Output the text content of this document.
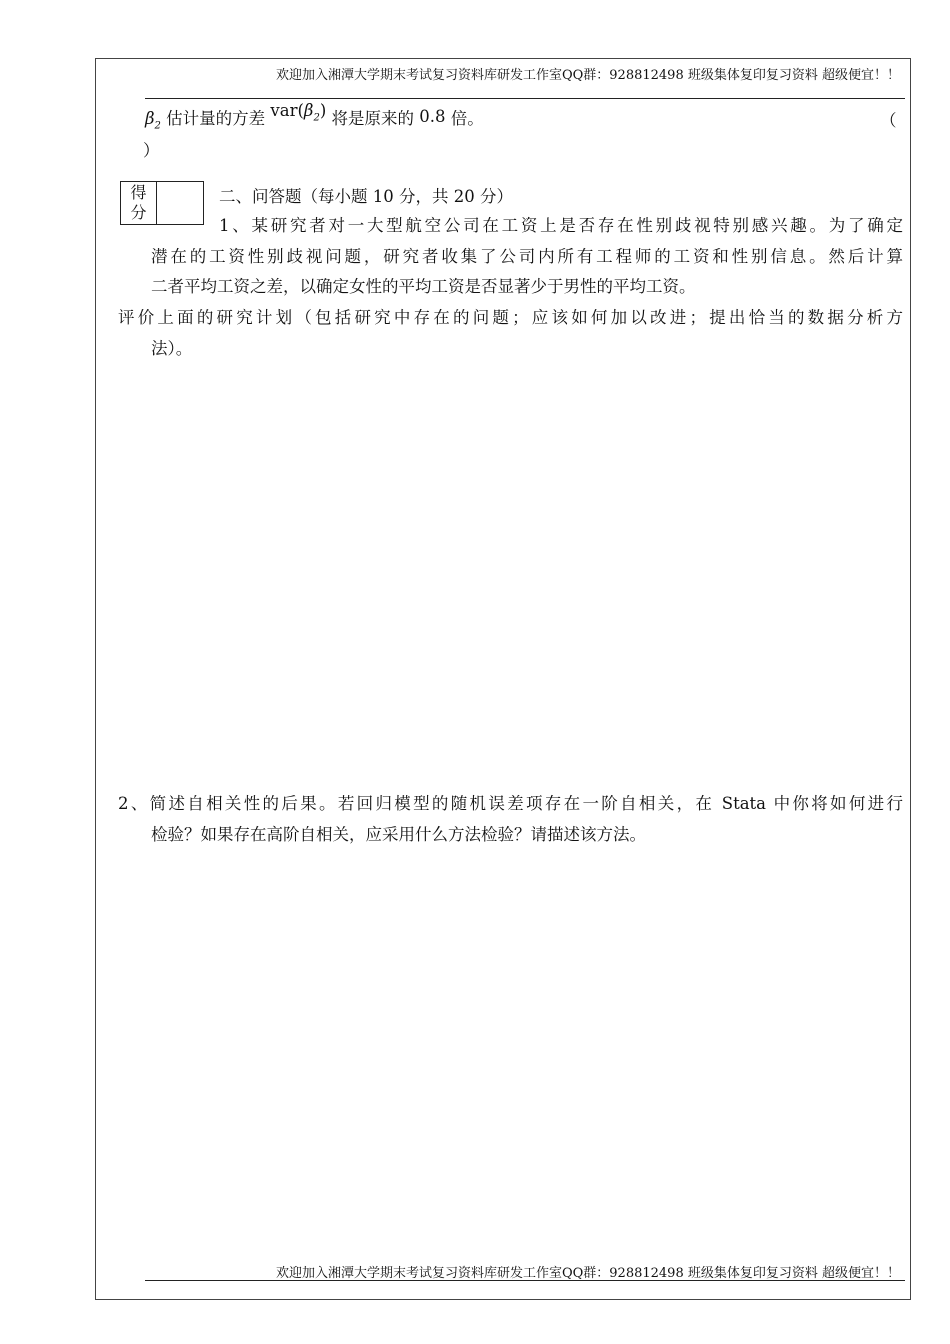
欢迎加入湘潭大学期末考试复习资料库研发工作室QQ群：928812498 班级集体复印复习资料 超级便宜！！
$\beta_2$ 估计量的方差 $var(\beta_2)$ 将是原来的 0.8 倍。	（
）
得
分
二、问答题（每小题 10 分，共 20 分）
1、某研究者对一大型航空公司在工资上是否存在性别歧视特别感兴趣。为了确定
潜在的工资性别歧视问题，研究者收集了公司内所有工程师的工资和性别信息。然后计算
二者平均工资之差，以确定女性的平均工资是否显著少于男性的平均工资。
评价上面的研究计划（包括研究中存在的问题；应该如何加以改进；提出恰当的数据分析方
法）。
2、简述自相关性的后果。若回归模型的随机误差项存在一阶自相关，在 Stata 中你将如何进行
检验？如果存在高阶自相关，应采用什么方法检验？请描述该方法。
欢迎加入湘潭大学期末考试复习资料库研发工作室QQ群：928812498 班级集体复印复习资料 超级便宜！！
